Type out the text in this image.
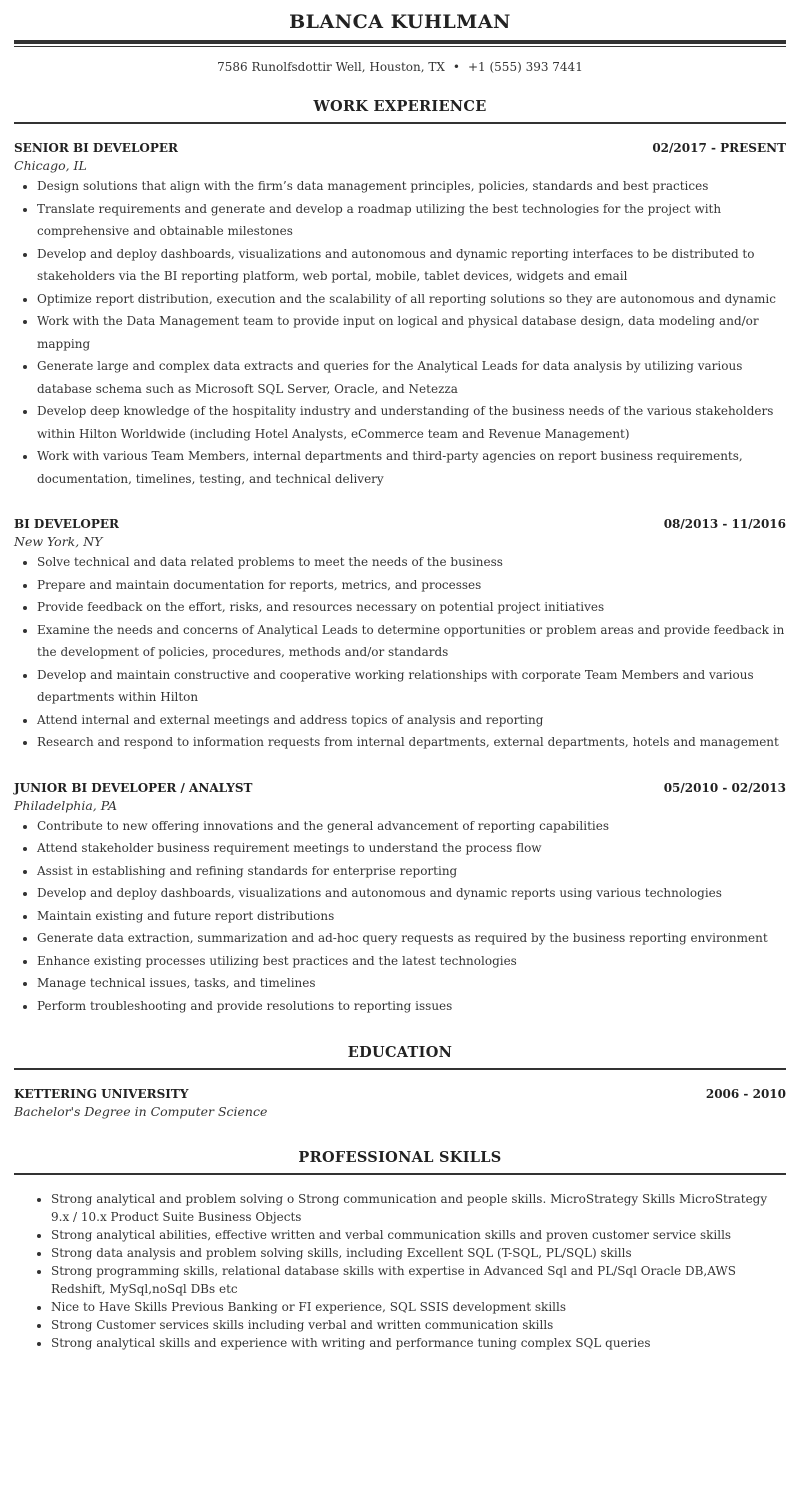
BLANCA KUHLMAN
7586 Runolfsdottir Well, Houston, TX • +1 (555) 393 7441
WORK EXPERIENCE
SENIOR BI DEVELOPER	02/2017 - PRESENT
Chicago, IL
• Design solutions that align with the firm’s data management principles, policies, standards and best practices
• Translate requirements and generate and develop a roadmap utilizing the best technologies for the project with comprehensive and obtainable milestones
• Develop and deploy dashboards, visualizations and autonomous and dynamic reporting interfaces to be distributed to stakeholders via the BI reporting platform, web portal, mobile, tablet devices, widgets and email
• Optimize report distribution, execution and the scalability of all reporting solutions so they are autonomous and dynamic
• Work with the Data Management team to provide input on logical and physical database design, data modeling and/or mapping
• Generate large and complex data extracts and queries for the Analytical Leads for data analysis by utilizing various database schema such as Microsoft SQL Server, Oracle, and Netezza
• Develop deep knowledge of the hospitality industry and understanding of the business needs of the various stakeholders within Hilton Worldwide (including Hotel Analysts, eCommerce team and Revenue Management)
• Work with various Team Members, internal departments and third-party agencies on report business requirements, documentation, timelines, testing, and technical delivery
BI DEVELOPER	08/2013 - 11/2016
New York, NY
• Solve technical and data related problems to meet the needs of the business
• Prepare and maintain documentation for reports, metrics, and processes
• Provide feedback on the effort, risks, and resources necessary on potential project initiatives
• Examine the needs and concerns of Analytical Leads to determine opportunities or problem areas and provide feedback in the development of policies, procedures, methods and/or standards
• Develop and maintain constructive and cooperative working relationships with corporate Team Members and various departments within Hilton
• Attend internal and external meetings and address topics of analysis and reporting
• Research and respond to information requests from internal departments, external departments, hotels and management
JUNIOR BI DEVELOPER / ANALYST	05/2010 - 02/2013
Philadelphia, PA
• Contribute to new offering innovations and the general advancement of reporting capabilities
• Attend stakeholder business requirement meetings to understand the process flow
• Assist in establishing and refining standards for enterprise reporting
• Develop and deploy dashboards, visualizations and autonomous and dynamic reports using various technologies
• Maintain existing and future report distributions
• Generate data extraction, summarization and ad-hoc query requests as required by the business reporting environment
• Enhance existing processes utilizing best practices and the latest technologies
• Manage technical issues, tasks, and timelines
• Perform troubleshooting and provide resolutions to reporting issues
EDUCATION
KETTERING UNIVERSITY	2006 - 2010
Bachelor's Degree in Computer Science
PROFESSIONAL SKILLS
• Strong analytical and problem solving o Strong communication and people skills. MicroStrategy Skills MicroStrategy 9.x / 10.x Product Suite Business Objects
• Strong analytical abilities, effective written and verbal communication skills and proven customer service skills
• Strong data analysis and problem solving skills, including Excellent SQL (T-SQL, PL/SQL) skills
• Strong programming skills, relational database skills with expertise in Advanced Sql and PL/Sql Oracle DB,AWS Redshift, MySql,noSql DBs etc
• Nice to Have Skills Previous Banking or FI experience, SQL SSIS development skills
• Strong Customer services skills including verbal and written communication skills
• Strong analytical skills and experience with writing and performance tuning complex SQL queries
